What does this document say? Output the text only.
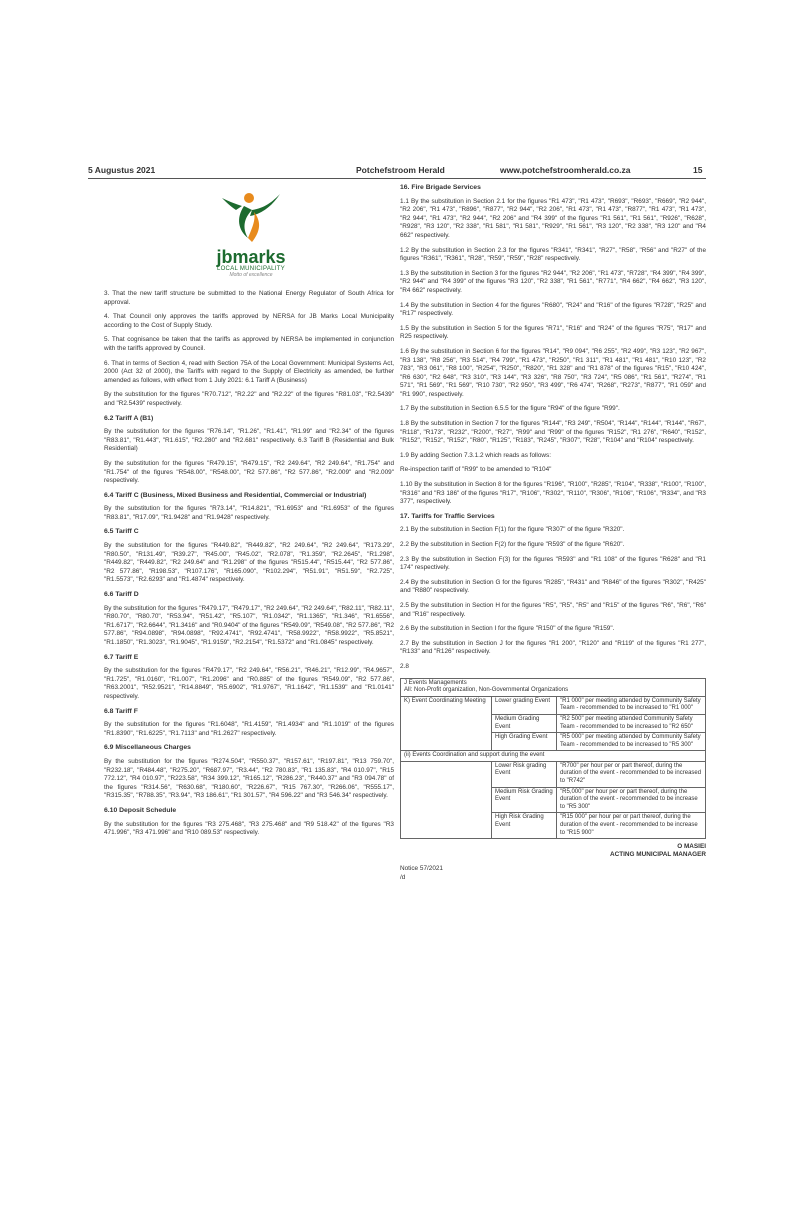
5 Augustus 2021	Potchefstroom Herald	www.potchefstroomherald.co.za	15
jbmarks
LOCAL MUNICIPALITY
Motto of excellence

3. That the new tariff structure be submitted to the National Energy Regulator of South Africa for approval.

4. That Council only approves the tariffs approved by NERSA for JB Marks Local Municipality according to the Cost of Supply Study.

5. That cognisance be taken that the tariffs as approved by NERSA be implemented in conjunction with the tariffs approved by Council.

6. That in terms of Section 4, read with Section 75A of the Local Government: Municipal Systems Act, 2000 (Act 32 of 2000), the Tariffs with regard to the Supply of Electricity as amended, be further amended as follows, with effect from 1 July 2021: 6.1 Tariff A (Business)

By the substitution for the figures "R70.712", "R2.22" and "R2.22" of the figures "R81.03", "R2.5439" and "R2.5439" respectively.

6.2 Tariff A (B1)

By the substitution for the figures "R76.14", "R1.26", "R1.41", "R1.99" and "R2.34" of the figures "R83.81", "R1.443", "R1.615", "R2.280" and "R2.681" respectively. 6.3 Tariff B (Residential and Bulk Residential)

By the substitution for the figures "R479.15", "R479.15", "R2 249.64", "R2 249.64", "R1.754" and "R1.754" of the figures "R548.00", "R548.00", "R2 577.86", "R2 577.86", "R2.009" and "R2.009" respectively.

6.4 Tariff C (Business, Mixed Business and Residential, Commercial or Industrial)

By the substitution for the figures "R73.14", "R14.821", "R1.6953" and "R1.6953" of the figures "R83.81", "R17.09", "R1.9428" and "R1.9428" respectively.

6.5 Tariff C

By the substitution for the figures "R449.82", "R449.82", "R2 249.64", "R2 249.64", "R173.29", "R80.50", "R131.49", "R39.27", "R45.00", "R45.02", "R2.078", "R1.359", "R2.2645", "R1.298", "R449.82", "R449.82", "R2 249.64" and "R1.298" of the figures "R515.44", "R515.44", "R2 577.86", "R2 577.86", "R198.53", "R107.176", "R165.090", "R102.294", "R51.91", "R51.59", "R2.725", "R1.5573", "R2.6293" and "R1.4874" respectively.

6.6 Tariff D

By the substitution for the figures "R479.17", "R479.17", "R2 249.64", "R2 249.64", "R82.11", "R82.11", "R80.70", "R80.70", "R53.94", "R51.42", "R5.107", "R1.0342", "R1.1365", "R1.346", "R1.6556", "R1.6717", "R2.6644", "R1.3416" and "R0.9404" of the figures "R549.09", "R549.08", "R2 577.86", "R2 577.86", "R94.0898", "R94.0898", "R92.4741", "R92.4741", "R58.9922", "R58.9922", "R5.8521", "R1.1850", "R1.3023", "R1.9045", "R1.9159", "R2.2154", "R1.5372" and "R1.0845" respectively.

6.7 Tariff E

By the substitution for the figures "R479.17", "R2 249.64", "R56.21", "R46.21", "R12.99", "R4.9657", "R1.725", "R1.0160", "R1.007", "R1.2096" and "R0.885" of the figures "R549.09", "R2 577.86", "R63.2001", "R52.9521", "R14.8849", "R5.6902", "R1.9767", "R1.1642", "R1.1539" and "R1.0141" respectively.

6.8 Tariff F

By the substitution for the figures "R1.6048", "R1.4159", "R1.4934" and "R1.1019" of the figures "R1.8390", "R1.6225", "R1.7113" and "R1.2627" respectively.

6.9 Miscellaneous Charges

By the substitution for the figures "R274.504", "R550.37", "R157.61", "R197.81", "R13 759.70", "R232.18", "R484.48", "R275.20", "R687.97", "R3.44", "R2 780.83", "R1 135.83", "R4 010.97", "R15 772.12", "R4 010.97", "R223.58", "R34 399.12", "R165.12", "R286.23", "R440.37" and "R3 094.78" of the figures "R314.56", "R630.68", "R180.60", "R226.67", "R15 767.30", "R266.06", "R555.17", "R315.35", "R788.35", "R3.94", "R3 186.61", "R1 301.57", "R4 596.22" and "R3 546.34" respectively.

6.10 Deposit Schedule

By the substitution for the figures "R3 275.468", "R3 275.468" and "R9 518.42" of the figures "R3 471.996", "R3 471.996" and "R10 089.53" respectively.

16. Fire Brigade Services

1.1 By the substitution in Section 2.1 for the figures "R1 473", "R1 473", "R693", "R693", "R669", "R2 944", "R2 206", "R1 473", "R896", "R877", "R2 944", "R2 206", "R1 473", "R1 473", "R877", "R1 473", "R1 473", "R2 944", "R1 473", "R2 944", "R2 206" and "R4 399" of the figures "R1 561", "R1 561", "R926", "R628", "R928", "R3 120", "R2 338", "R1 581", "R1 581", "R929", "R1 561", "R3 120", "R2 338", "R3 120" and "R4 662" respectively.

1.2 By the substitution in Section 2.3 for the figures "R341", "R341", "R27", "R58", "R56" and "R27" of the figures "R361", "R361", "R28", "R59", "R59", "R28" respectively.

1.3 By the substitution in Section 3 for the figures "R2 944", "R2 206", "R1 473", "R728", "R4 399", "R4 399", "R2 944" and "R4 399" of the figures "R3 120", "R2 338", "R1 561", "R771", "R4 662", "R4 662", "R3 120", "R4 662" respectively.

1.4 By the substitution in Section 4 for the figures "R680", "R24" and "R16" of the figures "R728", "R25" and "R17" respectively.

1.5 By the substitution in Section 5 for the figures "R71", "R16" and "R24" of the figures "R75", "R17" and R25 respectively.

1.6 By the substitution in Section 6 for the figures "R14", "R9 094", "R6 255", "R2 499", "R3 123", "R2 967", "R3 138", "R8 256", "R3 514", "R4 799", "R1 473", "R250", "R1 311", "R1 481", "R1 481", "R10 123", "R2 783", "R3 061", "R8 100", "R254", "R250", "R820", "R1 328" and "R1 878" of the figures "R15", "R10 424", "R6 630", "R2 648", "R3 310", "R3 144", "R3 326", "R8 750", "R3 724", "R5 086", "R1 561", "R274", "R1 571", "R1 569", "R1 569", "R10 730", "R2 950", "R3 499", "R6 474", "R268", "R273", "R877", "R1 059" and "R1 990", respectively.

1.7 By the substitution in Section 6.5.5 for the figure "R94" of the figure "R99".

1.8 By the substitution in Section 7 for the figures "R144", "R3 249", "R504", "R144", "R144", "R144", "R67", "R118", "R173", "R232", "R200", "R27", "R99" and "R99" of the figures "R152", "R1 276", "R640", "R152", "R152", "R152", "R152", "R80", "R125", "R183", "R245", "R307", "R28", "R104" and "R104" respectively.

1.9 By adding Section 7.3.1.2 which reads as follows:

Re-inspection tariff of "R99" to be amended to "R104"

1.10 By the substitution in Section 8 for the figures "R196", "R100", "R285", "R104", "R338", "R100", "R100", "R316" and "R3 186" of the figures "R17", "R106", "R302", "R110", "R306", "R106", "R106", "R334", and "R3 377", respectively.

17. Tariffs for Traffic Services

2.1 By the substitution in Section F(1) for the figure "R307" of the figure "R320".

2.2 By the substitution in Section F(2) for the figure "R593" of the figure "R620".

2.3 By the substitution in Section F(3) for the figures "R593" and "R1 108" of the figures "R628" and "R1 174" respectively.

2.4 By the substitution in Section G for the figures "R285", "R431" and "R846" of the figures "R302", "R425" and "R880" respectively.

2.5 By the substitution in Section H for the figures "R5", "R5", "R5" and "R15" of the figures "R6", "R6", "R6" and "R16" respectively.

2.6 By the substitution in Section I for the figure "R150" of the figure "R159".

2.7 By the substitution in Section J for the figures "R1 200", "R120" and "R119" of the figures "R1 277", "R133" and "R126" respectively.

2.8

J Events Managements
All: Non-Profit organization, Non-Governmental Organizations		
K) Event Coordinating Meeting	Lower grading Event	"R1 000" per meeting attended by Community Safety Team - recommended to be increased to "R1 000"
	Medium Grading Event	"R2 500" per meeting attended Community Safety Team - recommended to be increased to "R2 650"
	High Grading Event	"R5 000" per meeting attended by Community Safety Team - recommended to be increased to "R5 300"
(ii) Events Coordination and support during the event		
	Lower Risk grading Event	"R700" per hour per or part thereof, during the duration of the event - recommended to be increased to "R742"
	Medium Risk Grading Event	"R5,000" per hour per or part thereof, during the duration of the event - recommended to be increase to "R5 300"
	High Risk Grading Event	"R15 000" per hour per or part thereof, during the duration of the event - recommended to be increase to "R15 900"
O MASIEI
ACTING MUNICIPAL MANAGER
Notice 57/2021
/d
